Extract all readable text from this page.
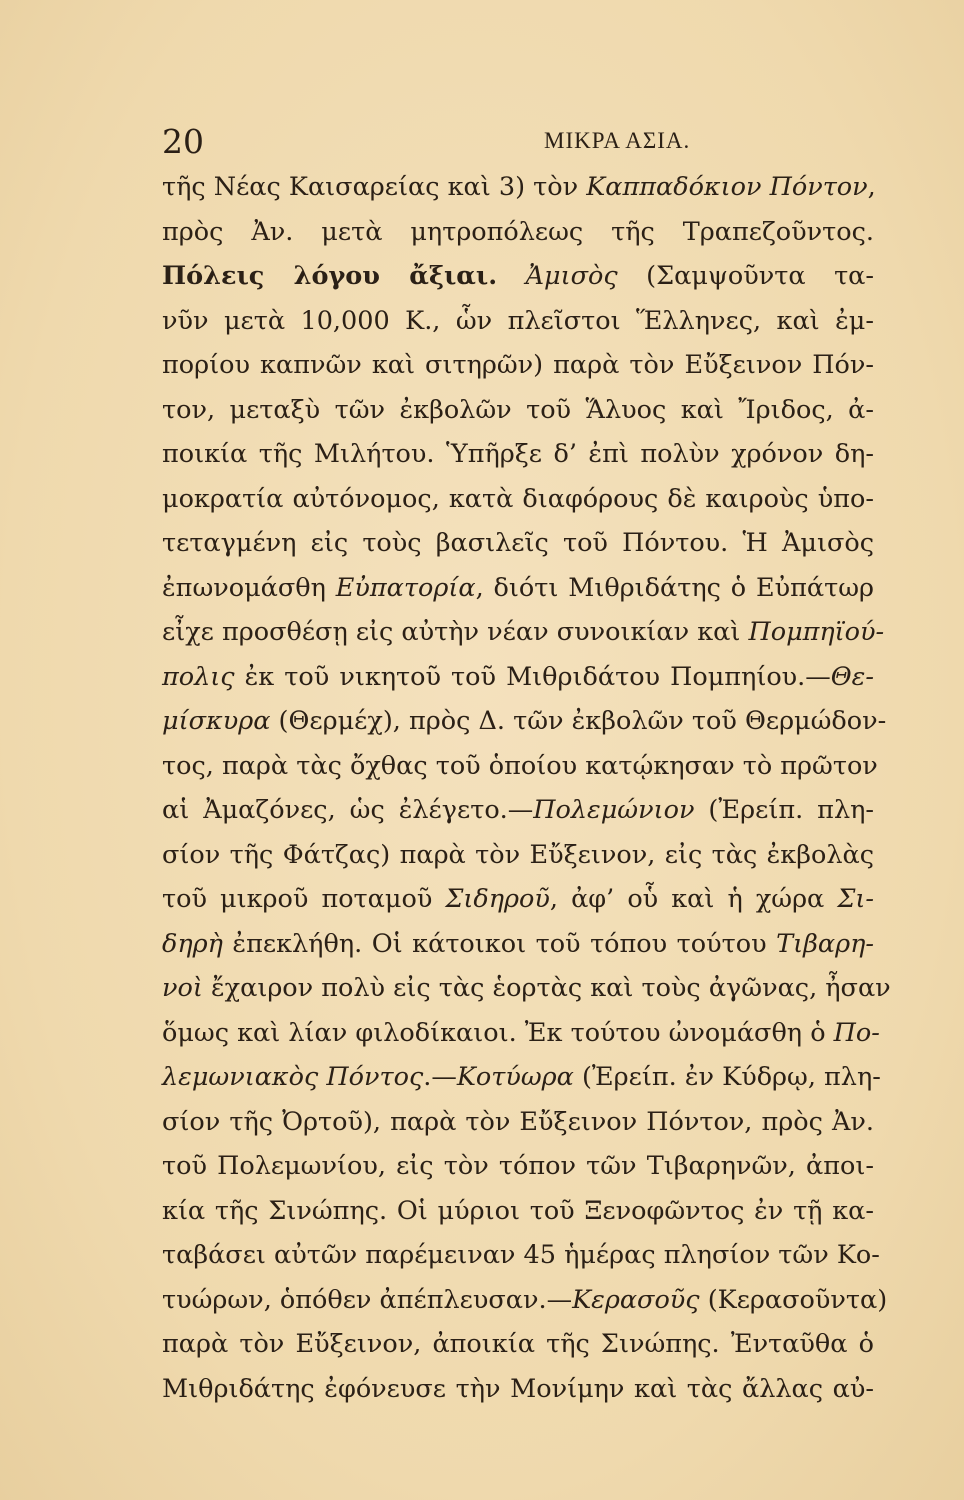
20	ΜΙΚΡΑ ΑΣΙΑ.
τῆς Νέας Καισαρείας καὶ 3) τὸν Καππαδόκιον Πόντον,
πρὸς Ἀν. μετὰ μητροπόλεως τῆς Τραπεζοῦντος.
Πόλεις λόγου ἄξιαι. Ἀμισὸς (Σαμψοῦντα τα-
νῦν μετὰ 10,000 Κ., ὧν πλεῖστοι Ἕλληνες, καὶ ἐμ-
πορίου καπνῶν καὶ σιτηρῶν) παρὰ τὸν Εὔξεινον Πόν-
τον, μεταξὺ τῶν ἐκβολῶν τοῦ Ἅλυος καὶ Ἴριδος, ἀ-
ποικία τῆς Μιλήτου. Ὑπῆρξε δ’ ἐπὶ πολὺν χρόνον δη-
μοκρατία αὐτόνομος, κατὰ διαφόρους δὲ καιροὺς ὑπο-
τεταγμένη εἰς τοὺς βασιλεῖς τοῦ Πόντου. Ἡ Ἀμισὸς
ἐπωνομάσθη Εὐπατορία, διότι Μιθριδάτης ὁ Εὐπάτωρ
εἶχε προσθέσῃ εἰς αὐτὴν νέαν συνοικίαν καὶ Πομπηϊού-
πολις ἐκ τοῦ νικητοῦ τοῦ Μιθριδάτου Πομπηίου.—Θε-
μίσκυρα (Θερμέχ), πρὸς Δ. τῶν ἐκβολῶν τοῦ Θερμώδον-
τος, παρὰ τὰς ὄχθας τοῦ ὁποίου κατῴκησαν τὸ πρῶτον
αἱ Ἀμαζόνες, ὡς ἐλέγετο.—Πολεμώνιον (Ἐρείπ. πλη-
σίον τῆς Φάτζας) παρὰ τὸν Εὔξεινον, εἰς τὰς ἐκβολὰς
τοῦ μικροῦ ποταμοῦ Σιδηροῦ, ἀφ’ οὗ καὶ ἡ χώρα Σι-
δηρὴ ἐπεκλήθη. Οἱ κάτοικοι τοῦ τόπου τούτου Τιβαρη-
νοὶ ἔχαιρον πολὺ εἰς τὰς ἑορτὰς καὶ τοὺς ἀγῶνας, ἦσαν
ὅμως καὶ λίαν φιλοδίκαιοι. Ἐκ τούτου ὠνομάσθη ὁ Πο-
λεμωνιακὸς Πόντος.—Κοτύωρα (Ἐρείπ. ἐν Κύδρῳ, πλη-
σίον τῆς Ὀρτοῦ), παρὰ τὸν Εὔξεινον Πόντον, πρὸς Ἀν.
τοῦ Πολεμωνίου, εἰς τὸν τόπον τῶν Τιβαρηνῶν, ἀποι-
κία τῆς Σινώπης. Οἱ μύριοι τοῦ Ξενοφῶντος ἐν τῇ κα-
ταβάσει αὐτῶν παρέμειναν 45 ἡμέρας πλησίον τῶν Κο-
τυώρων, ὁπόθεν ἀπέπλευσαν.—Κερασοῦς (Κερασοῦντα)
παρὰ τὸν Εὔξεινον, ἀποικία τῆς Σινώπης. Ἐνταῦθα ὁ
Μιθριδάτης ἐφόνευσε τὴν Μονίμην καὶ τὰς ἄλλας αὐ-
